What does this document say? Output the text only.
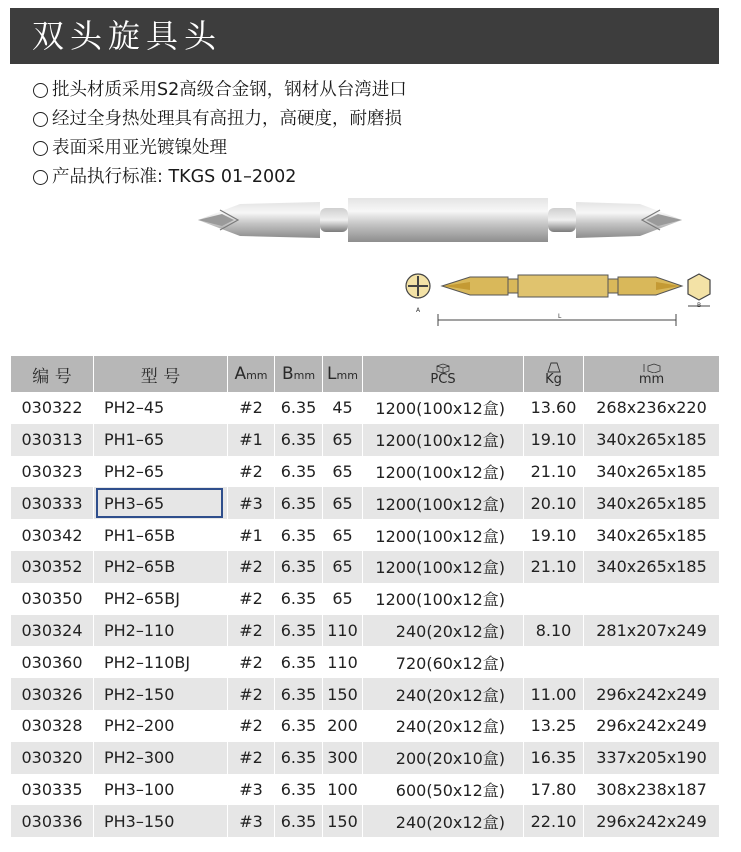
双头旋具头
批头材质采用S2高级合金钢，钢材从台湾进口
经过全身热处理具有高扭力，高硬度，耐磨损
表面采用亚光镀镍处理
产品执行标准: TKGS 01–2002
A
L
B
编 号	型 号	Amm	Bmm	Lmm	PCS	Kg	mm

030322	PH2–45	#2	6.35	45	1200(100x12盒)	13.60	268x236x220
030313	PH1–65	#1	6.35	65	1200(100x12盒)	19.10	340x265x185
030323	PH2–65	#2	6.35	65	1200(100x12盒)	21.10	340x265x185
030333	PH3–65	#3	6.35	65	1200(100x12盒)	20.10	340x265x185
030342	PH1–65B	#1	6.35	65	1200(100x12盒)	19.10	340x265x185
030352	PH2–65B	#2	6.35	65	1200(100x12盒)	21.10	340x265x185
030350	PH2–65BJ	#2	6.35	65	1200(100x12盒)		
030324	PH2–110	#2	6.35	110	240(20x12盒)	8.10	281x207x249
030360	PH2–110BJ	#2	6.35	110	720(60x12盒)		
030326	PH2–150	#2	6.35	150	240(20x12盒)	11.00	296x242x249
030328	PH2–200	#2	6.35	200	240(20x12盒)	13.25	296x242x249
030320	PH2–300	#2	6.35	300	200(20x10盒)	16.35	337x205x190
030335	PH3–100	#3	6.35	100	600(50x12盒)	17.80	308x238x187
030336	PH3–150	#3	6.35	150	240(20x12盒)	22.10	296x242x249
